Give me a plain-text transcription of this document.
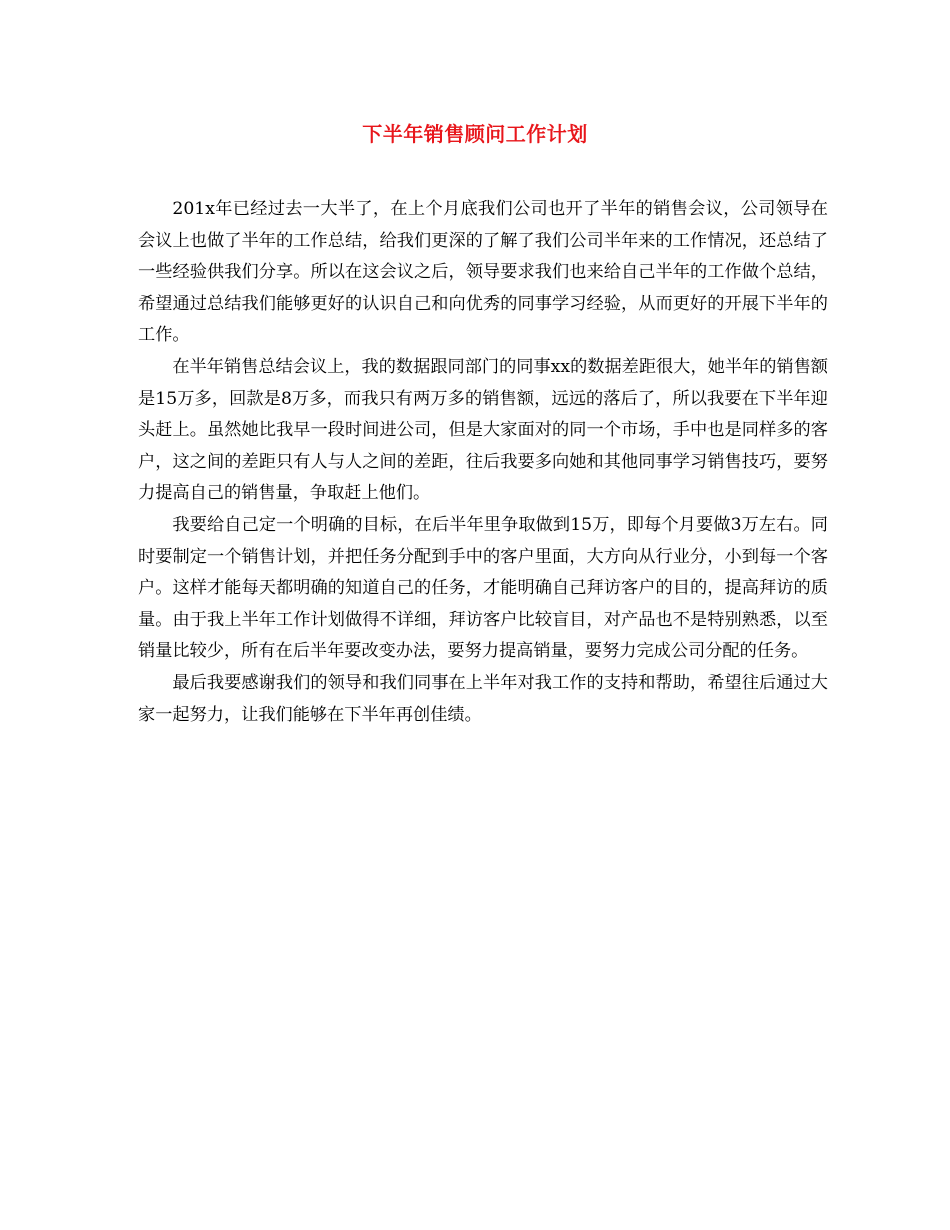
下半年销售顾问工作计划

201x年已经过去一大半了，在上个月底我们公司也开了半年的销售会议，公司领导在会议上也做了半年的工作总结，给我们更深的了解了我们公司半年来的工作情况，还总结了一些经验供我们分享。所以在这会议之后，领导要求我们也来给自己半年的工作做个总结，希望通过总结我们能够更好的认识自己和向优秀的同事学习经验，从而更好的开展下半年的工作。

在半年销售总结会议上，我的数据跟同部门的同事xx的数据差距很大，她半年的销售额是15万多，回款是8万多，而我只有两万多的销售额，远远的落后了，所以我要在下半年迎头赶上。虽然她比我早一段时间进公司，但是大家面对的同一个市场，手中也是同样多的客户，这之间的差距只有人与人之间的差距，往后我要多向她和其他同事学习销售技巧，要努力提高自己的销售量，争取赶上他们。

我要给自己定一个明确的目标，在后半年里争取做到15万，即每个月要做3万左右。同时要制定一个销售计划，并把任务分配到手中的客户里面，大方向从行业分，小到每一个客户。这样才能每天都明确的知道自己的任务，才能明确自己拜访客户的目的，提高拜访的质量。由于我上半年工作计划做得不详细，拜访客户比较盲目，对产品也不是特别熟悉，以至销量比较少，所有在后半年要改变办法，要努力提高销量，要努力完成公司分配的任务。

最后我要感谢我们的领导和我们同事在上半年对我工作的支持和帮助，希望往后通过大家一起努力，让我们能够在下半年再创佳绩。
